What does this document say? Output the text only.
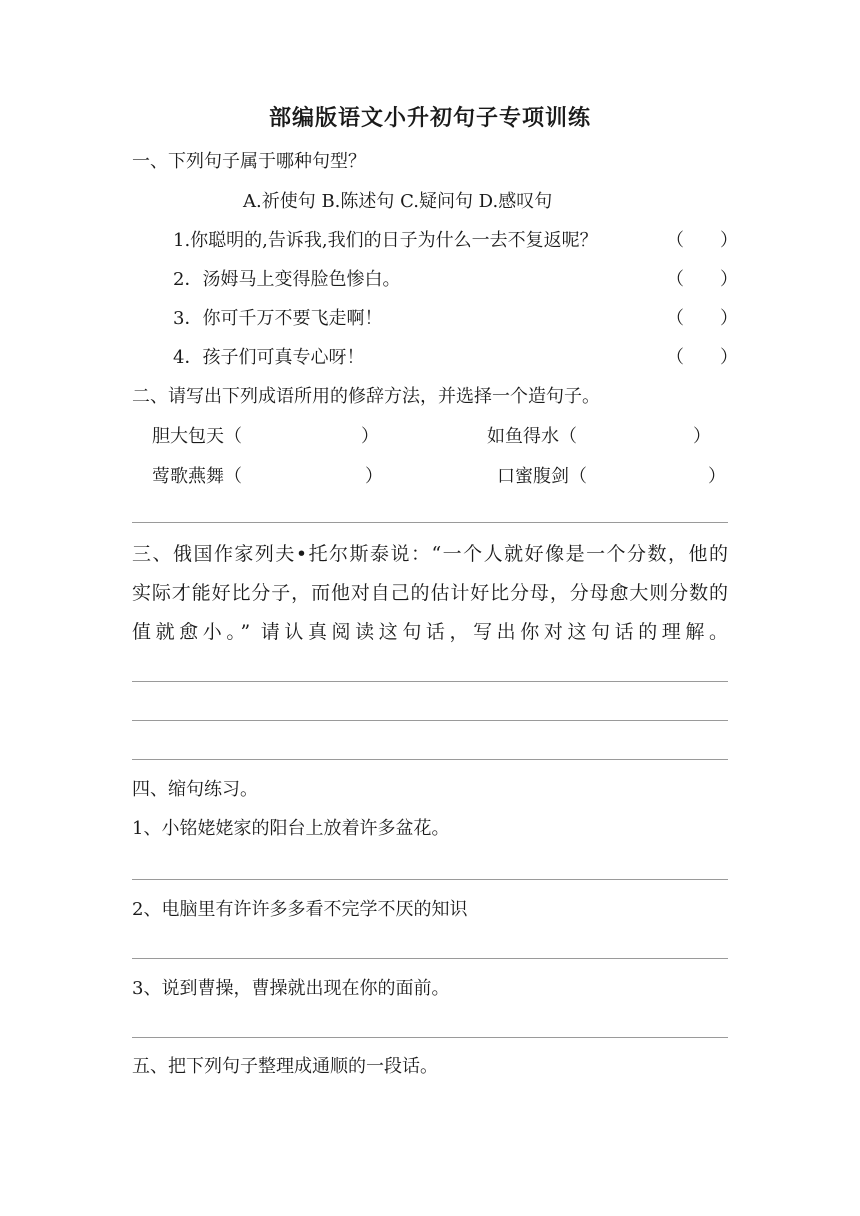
部编版语文小升初句子专项训练
一、下列句子属于哪种句型？
A.祈使句 B.陈述句 C.疑问句 D.感叹句
1.你聪明的,告诉我,我们的日子为什么一去不复返呢？	（　　）
2．汤姆马上变得脸色惨白。	（　　）
3．你可千万不要飞走啊！	（　　）
4．孩子们可真专心呀！	（　　）
二、请写出下列成语所用的修辞方法，并选择一个造句子。
胆大包天（	）	如鱼得水（	）
莺歌燕舞（	）	口蜜腹剑（	）
三、俄国作家列夫•托尔斯泰说：“一个人就好像是一个分数，他的
实际才能好比分子，而他对自己的估计好比分母，分母愈大则分数的
值就愈小。” 请认真阅读这句话，写出你对这句话的理解。
四、缩句练习。
1、小铭姥姥家的阳台上放着许多盆花。
2、电脑里有许许多多看不完学不厌的知识
3、说到曹操，曹操就出现在你的面前。
五、把下列句子整理成通顺的一段话。
